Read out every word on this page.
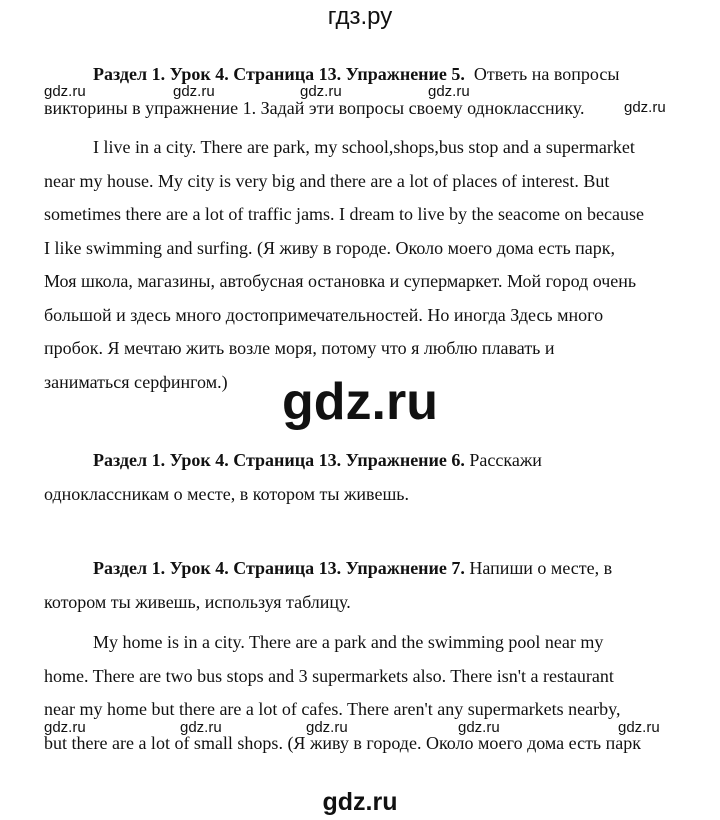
гдз.ру
Раздел 1. Урок 4. Страница 13. Упражнение 5. Ответь на вопросы
викторины в упражнение 1. Задай эти вопросы своему однокласснику.
I live in a city. There are park, my school,shops,bus stop and a supermarket
near my house. My city is very big and there are a lot of places of interest. But
sometimes there are a lot of traffic jams. I dream to live by the seacome on because
I like swimming and surfing. (Я живу в городе. Около моего дома есть парк,
Моя школа, магазины, автобусная остановка и супермаркет. Мой город очень
большой и здесь много достопримечательностей. Но иногда Здесь много
пробок. Я мечтаю жить возле моря, потому что я люблю плавать и
заниматься серфингом.)
Раздел 1. Урок 4. Страница 13. Упражнение 6. Расскажи
одноклассникам о месте, в котором ты живешь.
Раздел 1. Урок 4. Страница 13. Упражнение 7. Напиши о месте, в
котором ты живешь, используя таблицу.
My home is in a city. There are a park and the swimming pool near my
home. There are two bus stops and 3 supermarkets also. There isn't a restaurant
near my home but there are a lot of cafes. There aren't any supermarkets nearby,
but there are a lot of small shops. (Я живу в городе. Около моего дома есть парк
gdz.ru	gdz.ru	gdz.ru	gdz.ru
gdz.ru
gdz.ru
gdz.ru	gdz.ru	gdz.ru	gdz.ru	gdz.ru
gdz.ru
